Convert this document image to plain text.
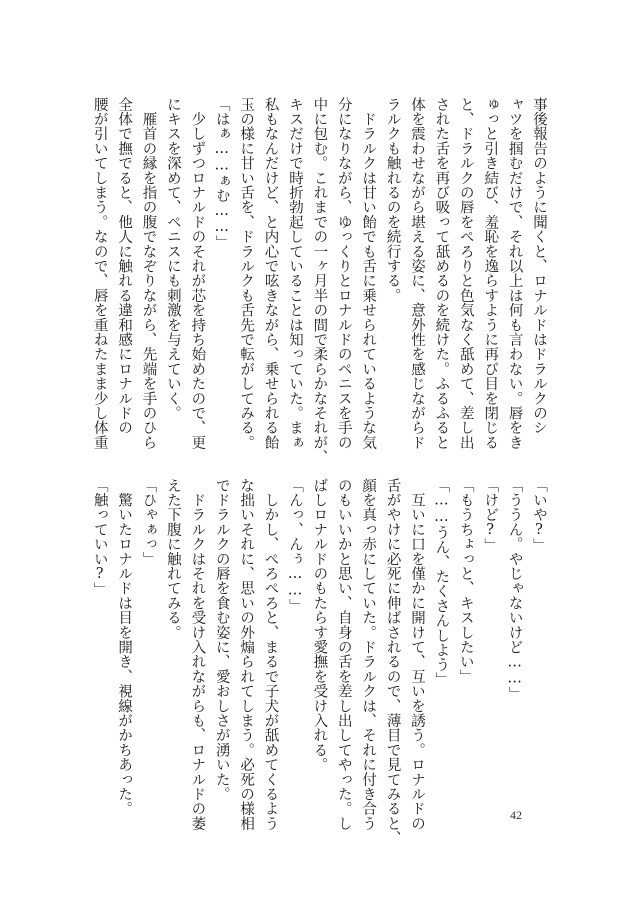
事後報告のように聞くと、ロナルドはドラルクのシ
ャツを掴むだけで、それ以上は何も言わない。唇をき
ゅっと引き結び、羞恥を逸らすように再び目を閉じる
と、ドラルクの唇をぺろりと色気なく舐めて、差し出
された舌を再び吸って舐めるのを続けた。ふるふると
体を震わせながら堪える姿に、意外性を感じながらド
ラルクも触れるのを続行する。
　ドラルクは甘い飴でも舌に乗せられているような気
分になりながら、ゆっくりとロナルドのペニスを手の
中に包む。これまでの一ヶ月半の間で柔らかなそれが、
キスだけで時折勃起していることは知っていた。まぁ
私もなんだけど、と内心で呟きながら、乗せられる飴
玉の様に甘い舌を、ドラルクも舌先で転がしてみる。
「はぁ……ぁむ……」
　少しずつロナルドのそれが芯を持ち始めたので、更
にキスを深めて、ペニスにも刺激を与えていく。
　雁首の縁を指の腹でなぞりながら、先端を手のひら
全体で撫でると、他人に触れる違和感にロナルドの
腰が引いてしまう。なので、唇を重ねたまま少し体重
「いや?」
「ううん。やじゃないけど……」
「けど?」
「もうちょっと、キスしたい」
「……うん、たくさんしよう」
　互いに口を僅かに開けて、互いを誘う。ロナルドの
舌がやけに必死に伸ばされるので、薄目で見てみると、
顔を真っ赤にしていた。ドラルクは、それに付き合う
のもいいかと思い、自身の舌を差し出してやった。し
ばしロナルドのもたらす愛撫を受け入れる。
「んっ、んぅ……」
　しかし、ぺろぺろと、まるで子犬が舐めてくるよう
な拙いそれに、思いの外煽られてしまう。必死の様相
でドラルクの唇を食む姿に、愛おしさが湧いた。
　ドラルクはそれを受け入れながらも、ロナルドの萎
えた下腹に触れてみる。
「ひゃぁっ」
　驚いたロナルドは目を開き、視線がかちあった。
「触っていい?」
42
